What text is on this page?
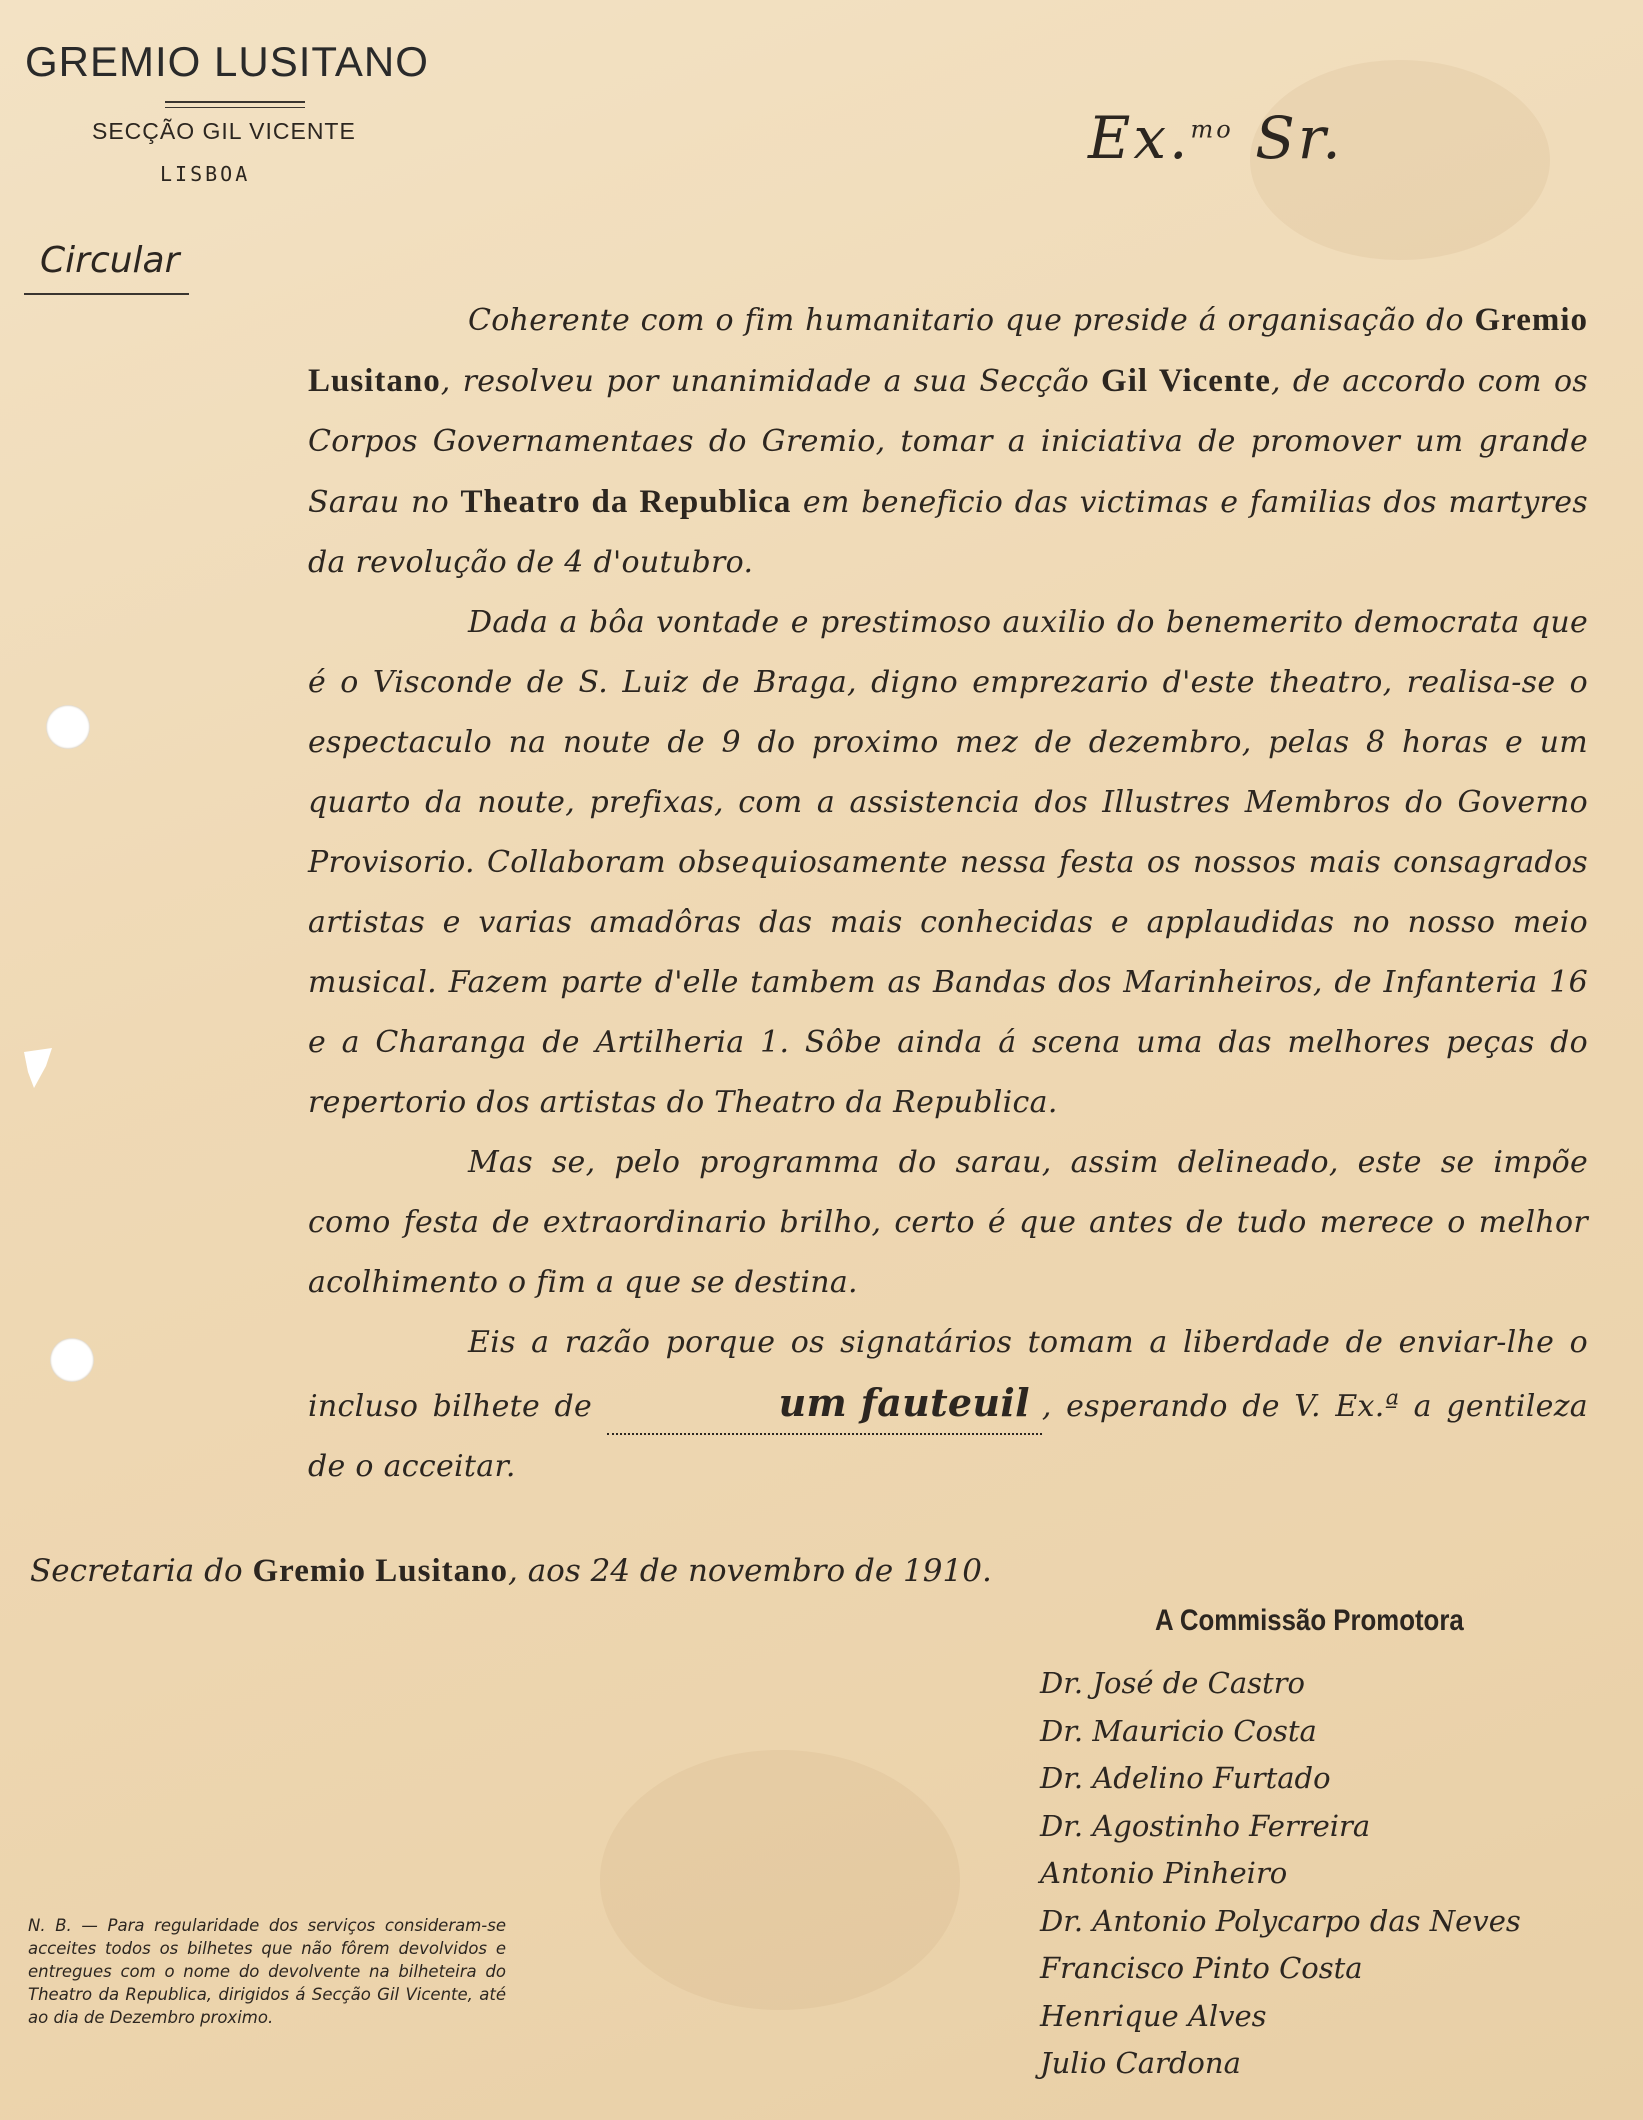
GREMIO LUSITANO
SECÇÃO GIL VICENTE
LISBOA
Circular
Ex.$^{mo}$ Sr.

Coherente com o fim humanitario que preside á organisação do Gremio Lusitano, resolveu por unanimidade a sua Secção Gil Vicente, de accordo com os Corpos Governamentaes do Gremio, tomar a iniciativa de promover um grande Sarau no Theatro da Republica em beneficio das victimas e familias dos martyres da revolução de 4 d'outubro.

Dada a bôa vontade e prestimoso auxilio do benemerito democrata que é o Visconde de S. Luiz de Braga, digno emprezario d'este theatro, realisa-se o espectaculo na noute de 9 do proximo mez de dezembro, pelas 8 horas e um quarto da noute, prefixas, com a assistencia dos Illustres Membros do Governo Provisorio. Collaboram obsequiosamente nessa festa os nossos mais consagrados artistas e varias amadôras das mais conhecidas e applaudidas no nosso meio musical. Fazem parte d'elle tambem as Bandas dos Marinheiros, de Infanteria 16 e a Charanga de Artilheria 1. Sôbe ainda á scena uma das melhores peças do repertorio dos artistas do Theatro da Republica.

Mas se, pelo programma do sarau, assim delineado, este se impõe como festa de extraordinario brilho, certo é que antes de tudo merece o melhor acolhimento o fim a que se destina.

Eis a razão porque os signatários tomam a liberdade de enviar-lhe o incluso bilhete de	um fauteuil , esperando de V. Ex.ª a gentileza de o acceitar.

Secretaria do Gremio Lusitano, aos 24 de novembro de 1910.
A Commissão Promotora
Dr. José de Castro
Dr. Mauricio Costa
Dr. Adelino Furtado
Dr. Agostinho Ferreira
Antonio Pinheiro
Dr. Antonio Polycarpo das Neves
Francisco Pinto Costa
Henrique Alves
Julio Cardona
N. B. — Para regularidade dos serviços consideram-se acceites todos os bilhetes que não fôrem devolvidos e entregues com o nome do devolvente na bilheteira do Theatro da Republica, dirigidos á Secção Gil Vicente, até ao dia de Dezembro proximo.
